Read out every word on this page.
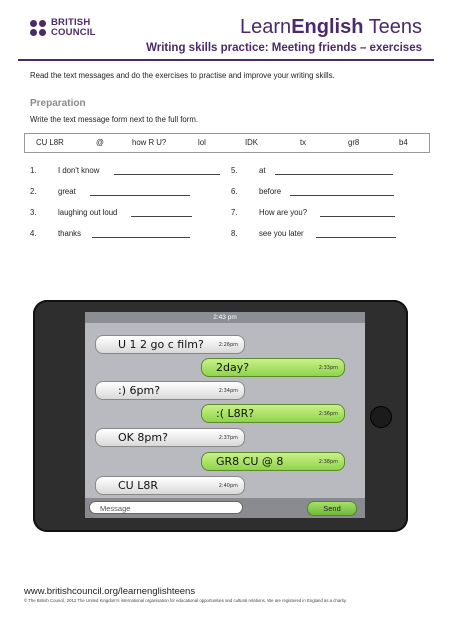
BRITISH
COUNCIL	LearnEnglish Teens
Writing skills practice: Meeting friends – exercises
Read the text messages and do the exercises to practise and improve your writing skills.
Preparation
Write the text message form next to the full form.
CU L8R	@	how R U?	lol	IDK	tx	gr8	b4
1.	I don't know
2.	great
3.	laughing out loud
4.	thanks
5.	at
6.	before
7.	How are you?
8.	see you later
2:43 pm
U 1 2 go c film?	2:26pm
2day?	2:33pm
:) 6pm?	2:34pm
:( L8R?	2:36pm
OK 8pm?	2:37pm
GR8 CU @ 8	2:38pm
CU L8R	2:40pm
Message	Send
www.britishcouncil.org/learnenglishteens
© The British Council, 2012 The United Kingdom's international organisation for educational opportunities and cultural relations. We are registered in England as a charity.
